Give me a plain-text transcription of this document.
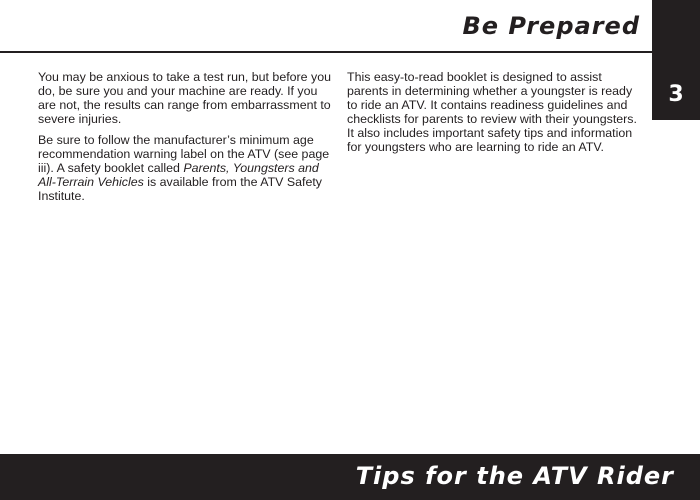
Be Prepared
3

You may be anxious to take a test run, but before you do, be sure you and your machine are ready. If you are not, the results can range from embarrassment to severe injuries.

Be sure to follow the manufacturer’s minimum age recommendation warning label on the ATV (see page iii). A safety booklet called Parents, Youngsters and All-Terrain Vehicles is available from the ATV Safety Institute.

This easy-to-read booklet is designed to assist parents in determining whether a youngster is ready to ride an ATV. It contains readiness guidelines and checklists for parents to review with their youngsters. It also includes important safety tips and information for youngsters who are learning to ride an ATV.

Tips for the ATV Rider
